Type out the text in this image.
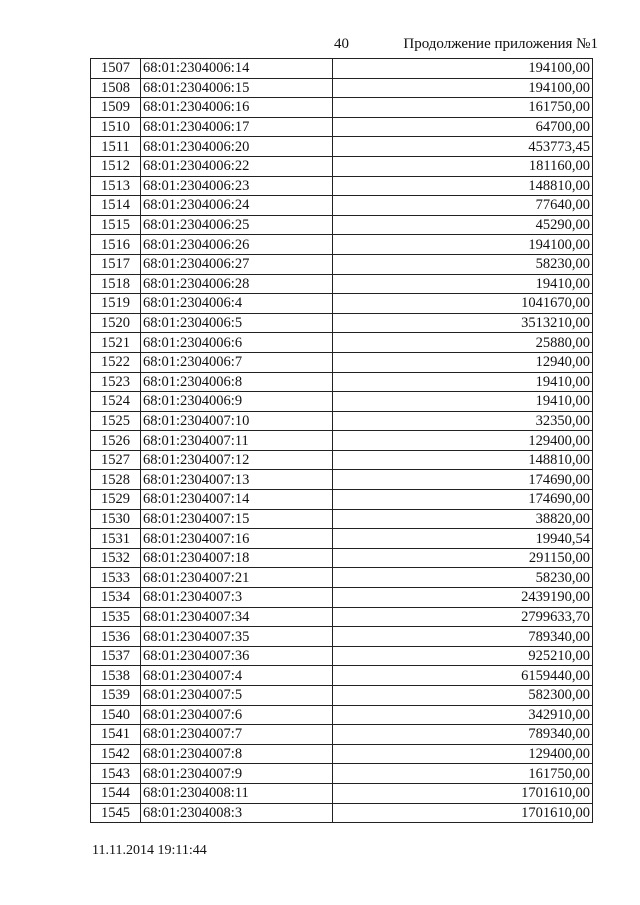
40	Продолжение приложения №1
1507	68:01:2304006:14	194100,00
1508	68:01:2304006:15	194100,00
1509	68:01:2304006:16	161750,00
1510	68:01:2304006:17	64700,00
1511	68:01:2304006:20	453773,45
1512	68:01:2304006:22	181160,00
1513	68:01:2304006:23	148810,00
1514	68:01:2304006:24	77640,00
1515	68:01:2304006:25	45290,00
1516	68:01:2304006:26	194100,00
1517	68:01:2304006:27	58230,00
1518	68:01:2304006:28	19410,00
1519	68:01:2304006:4	1041670,00
1520	68:01:2304006:5	3513210,00
1521	68:01:2304006:6	25880,00
1522	68:01:2304006:7	12940,00
1523	68:01:2304006:8	19410,00
1524	68:01:2304006:9	19410,00
1525	68:01:2304007:10	32350,00
1526	68:01:2304007:11	129400,00
1527	68:01:2304007:12	148810,00
1528	68:01:2304007:13	174690,00
1529	68:01:2304007:14	174690,00
1530	68:01:2304007:15	38820,00
1531	68:01:2304007:16	19940,54
1532	68:01:2304007:18	291150,00
1533	68:01:2304007:21	58230,00
1534	68:01:2304007:3	2439190,00
1535	68:01:2304007:34	2799633,70
1536	68:01:2304007:35	789340,00
1537	68:01:2304007:36	925210,00
1538	68:01:2304007:4	6159440,00
1539	68:01:2304007:5	582300,00
1540	68:01:2304007:6	342910,00
1541	68:01:2304007:7	789340,00
1542	68:01:2304007:8	129400,00
1543	68:01:2304007:9	161750,00
1544	68:01:2304008:11	1701610,00
1545	68:01:2304008:3	1701610,00
11.11.2014 19:11:44
